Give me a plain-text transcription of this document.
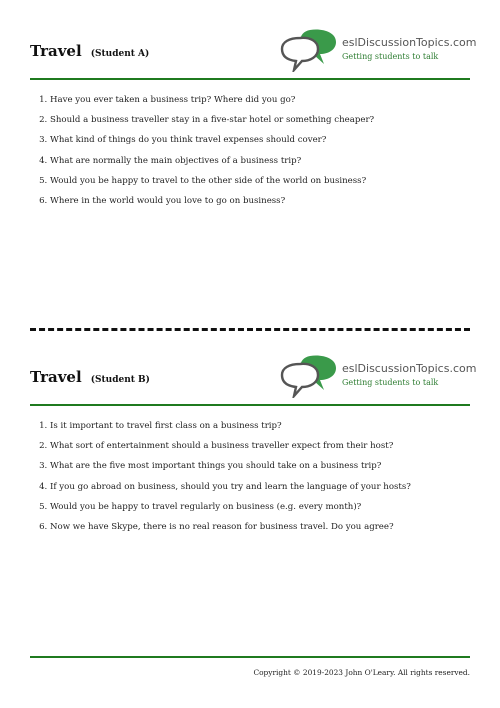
Travel (Student A)
eslDiscussionTopics.com
Getting students to talk
1. Have you ever taken a business trip? Where did you go?
2. Should a business traveller stay in a five-star hotel or something cheaper?
3. What kind of things do you think travel expenses should cover?
4. What are normally the main objectives of a business trip?
5. Would you be happy to travel to the other side of the world on business?
6. Where in the world would you love to go on business?
Travel (Student B)
eslDiscussionTopics.com
Getting students to talk
1. Is it important to travel first class on a business trip?
2. What sort of entertainment should a business traveller expect from their host?
3. What are the five most important things you should take on a business trip?
4. If you go abroad on business, should you try and learn the language of your hosts?
5. Would you be happy to travel regularly on business (e.g. every month)?
6. Now we have Skype, there is no real reason for business travel. Do you agree?
Copyright © 2019-2023 John O'Leary. All rights reserved.
